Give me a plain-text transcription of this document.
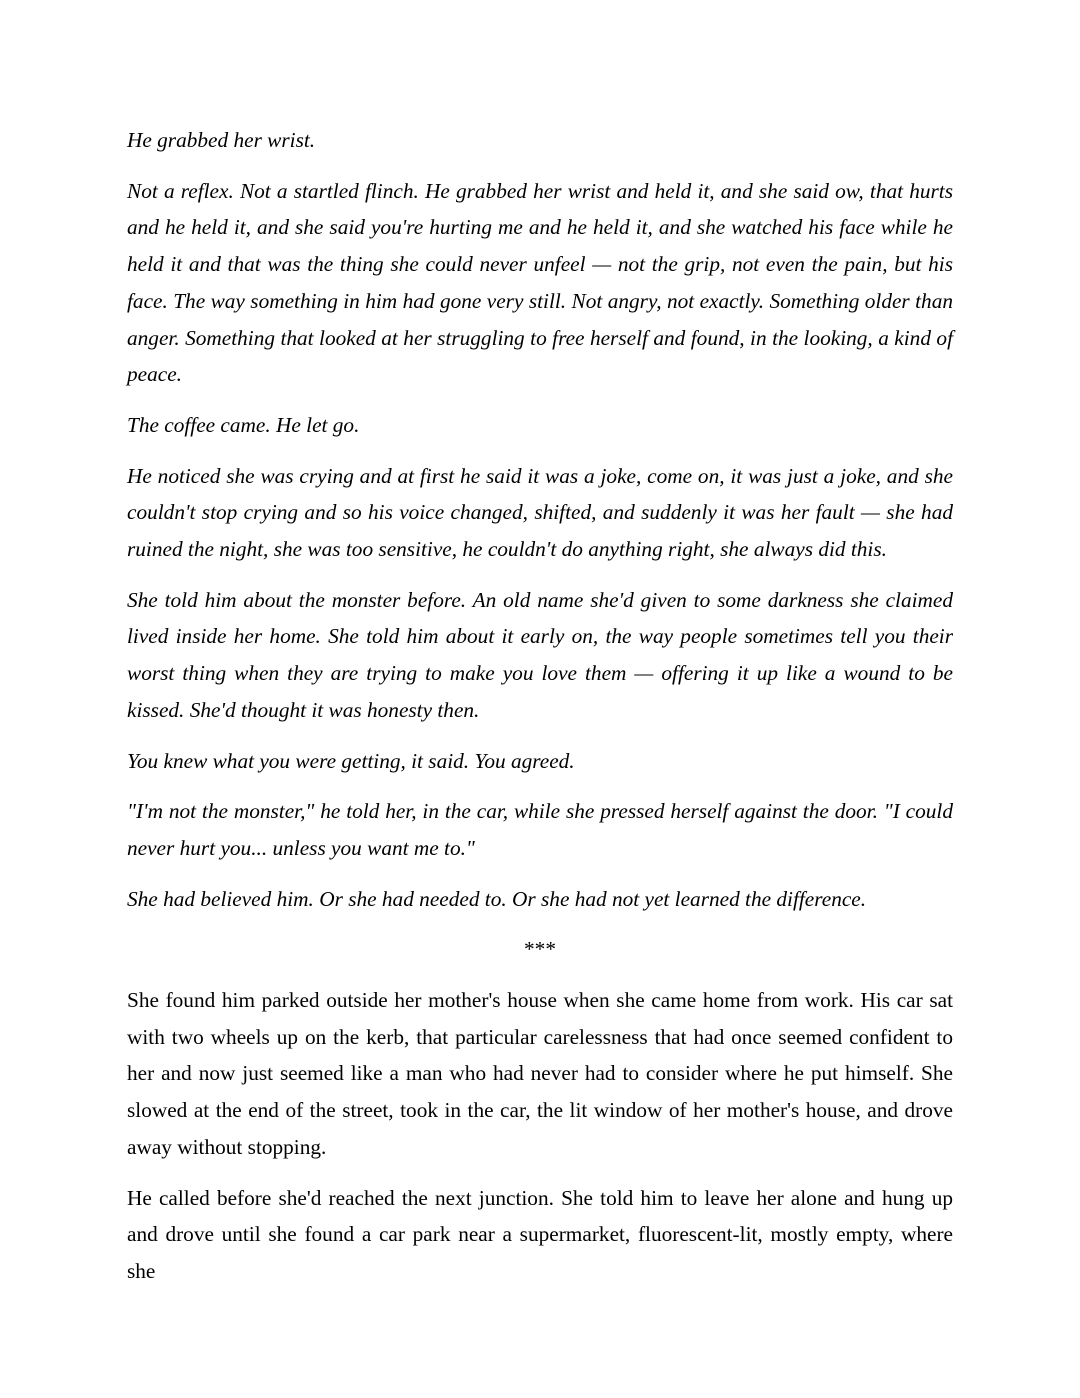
He grabbed her wrist.

Not a reflex. Not a startled flinch. He grabbed her wrist and held it, and she said ow, that hurts and he held it, and she said you're hurting me and he held it, and she watched his face while he held it and that was the thing she could never unfeel — not the grip, not even the pain, but his face. The way something in him had gone very still. Not angry, not exactly. Something older than anger. Something that looked at her struggling to free herself and found, in the looking, a kind of peace.

The coffee came. He let go.

He noticed she was crying and at first he said it was a joke, come on, it was just a joke, and she couldn't stop crying and so his voice changed, shifted, and suddenly it was her fault — she had ruined the night, she was too sensitive, he couldn't do anything right, she always did this.

She told him about the monster before. An old name she'd given to some darkness she claimed lived inside her home. She told him about it early on, the way people sometimes tell you their worst thing when they are trying to make you love them — offering it up like a wound to be kissed. She'd thought it was honesty then.

You knew what you were getting, it said. You agreed.

"I'm not the monster," he told her, in the car, while she pressed herself against the door. "I could never hurt you... unless you want me to."

She had believed him. Or she had needed to. Or she had not yet learned the difference.

***

She found him parked outside her mother's house when she came home from work. His car sat with two wheels up on the kerb, that particular carelessness that had once seemed confident to her and now just seemed like a man who had never had to consider where he put himself. She slowed at the end of the street, took in the car, the lit window of her mother's house, and drove away without stopping.

He called before she'd reached the next junction. She told him to leave her alone and hung up and drove until she found a car park near a supermarket, fluorescent-lit, mostly empty, where she
